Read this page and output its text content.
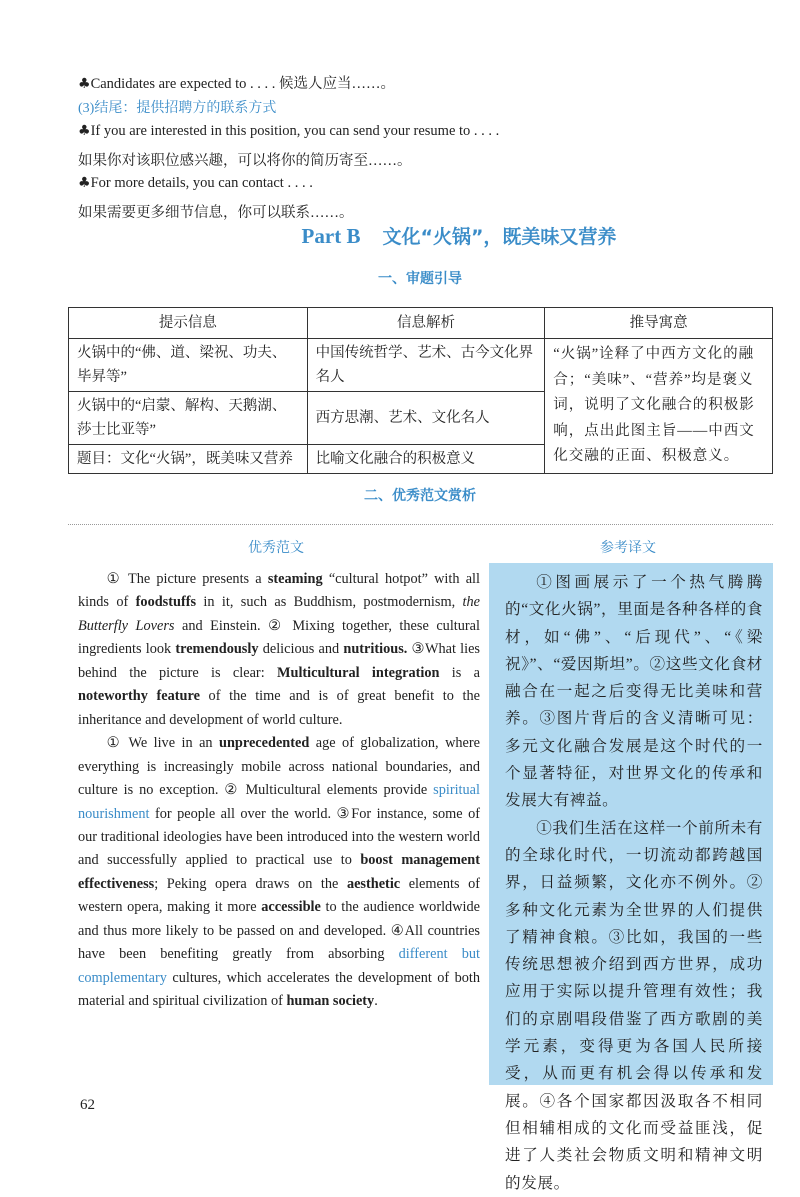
♣Candidates are expected to . . . . 候选人应当……。
(3)结尾：提供招聘方的联系方式
♣If you are interested in this position, you can send your resume to . . . .
如果你对该职位感兴趣，可以将你的简历寄至……。
♣For more details, you can contact . . . .
如果需要更多细节信息，你可以联系……。
Part B 文化“火锅”，既美味又营养
一、审题引导
提示信息	信息解析	推导寓意
火锅中的“佛、道、梁祝、功夫、毕昇等”	中国传统哲学、艺术、古今文化界名人	“火锅”诠释了中西方文化的融合；“美味”、“营养”均是褒义词，说明了文化融合的积极影响，点出此图主旨——中西文化交融的正面、积极意义。
火锅中的“启蒙、解构、天鹅湖、莎士比亚等”	西方思潮、艺术、文化名人	
题目：文化“火锅”，既美味又营养	比喻文化融合的积极意义	
二、优秀范文赏析
优秀范文	参考译文

① The picture presents a steaming “cultural hotpot” with all kinds of foodstuffs in it, such as Buddhism, postmodernism, the Butterfly Lovers and Einstein. ② Mixing together, these cultural ingredients look tremendously delicious and nutritious. ③What lies behind the picture is clear: Multicultural integration is a noteworthy feature of the time and is of great benefit to the inheritance and development of world culture.

① We live in an unprecedented age of globalization, where everything is increasingly mobile across national boundaries, and culture is no exception. ② Multicultural elements provide spiritual nourishment for people all over the world. ③For instance, some of our traditional ideologies have been introduced into the western world and successfully applied to practical use to boost management effectiveness; Peking opera draws on the aesthetic elements of western opera, making it more accessible to the audience worldwide and thus more likely to be passed on and developed. ④All countries have been benefiting greatly from absorbing different but complementary cultures, which accelerates the development of both material and spiritual civilization of human society.

①图画展示了一个热气腾腾的“文化火锅”，里面是各种各样的食材，如“佛”、“后现代”、“《梁祝》”、“爱因斯坦”。②这些文化食材融合在一起之后变得无比美味和营养。③图片背后的含义清晰可见：多元文化融合发展是这个时代的一个显著特征，对世界文化的传承和发展大有裨益。

①我们生活在这样一个前所未有的全球化时代，一切流动都跨越国界，日益频繁，文化亦不例外。②多种文化元素为全世界的人们提供了精神食粮。③比如，我国的一些传统思想被介绍到西方世界，成功应用于实际以提升管理有效性；我们的京剧唱段借鉴了西方歌剧的美学元素，变得更为各国人民所接受，从而更有机会得以传承和发展。④各个国家都因汲取各不相同但相辅相成的文化而受益匪浅，促进了人类社会物质文明和精神文明的发展。

62
